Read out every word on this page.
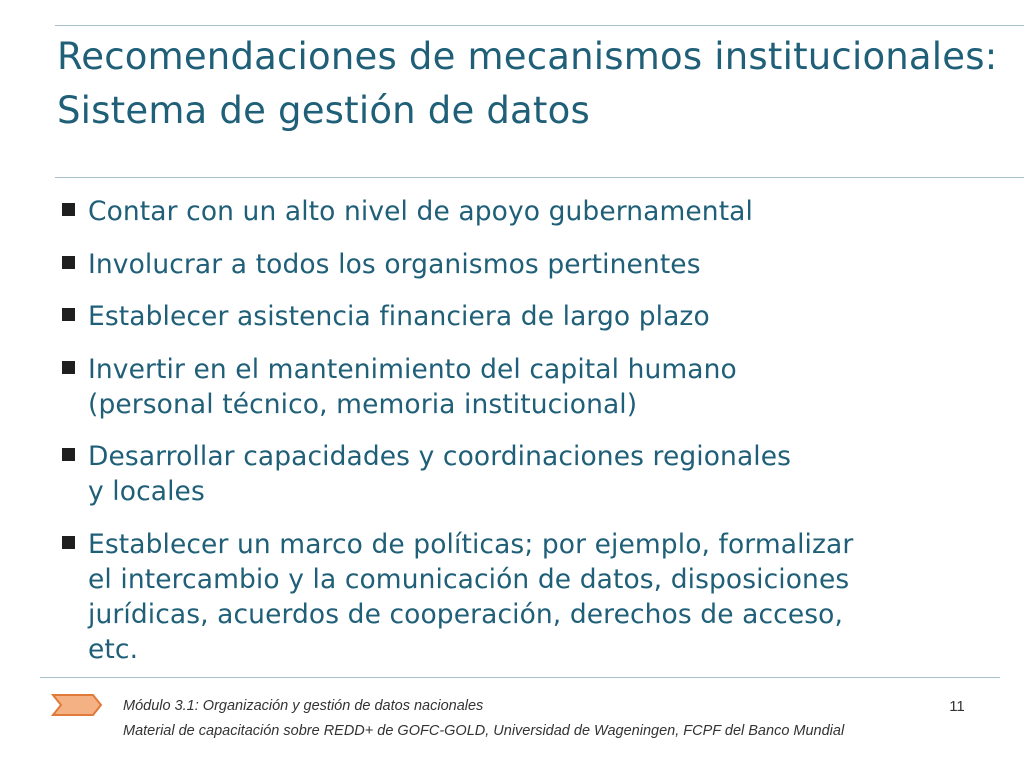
Recomendaciones de mecanismos institucionales: Sistema de gestión de datos
Contar con un alto nivel de apoyo gubernamental
Involucrar a todos los organismos pertinentes
Establecer asistencia financiera de largo plazo
Invertir en el mantenimiento del capital humano
(personal técnico, memoria institucional)
Desarrollar capacidades y coordinaciones regionales
y locales
Establecer un marco de políticas; por ejemplo, formalizar
el intercambio y la comunicación de datos, disposiciones
jurídicas, acuerdos de cooperación, derechos de acceso,
etc.
Módulo 3.1: Organización y gestión de datos nacionales	11
Material de capacitación sobre REDD+ de GOFC-GOLD, Universidad de Wageningen, FCPF del Banco Mundial
